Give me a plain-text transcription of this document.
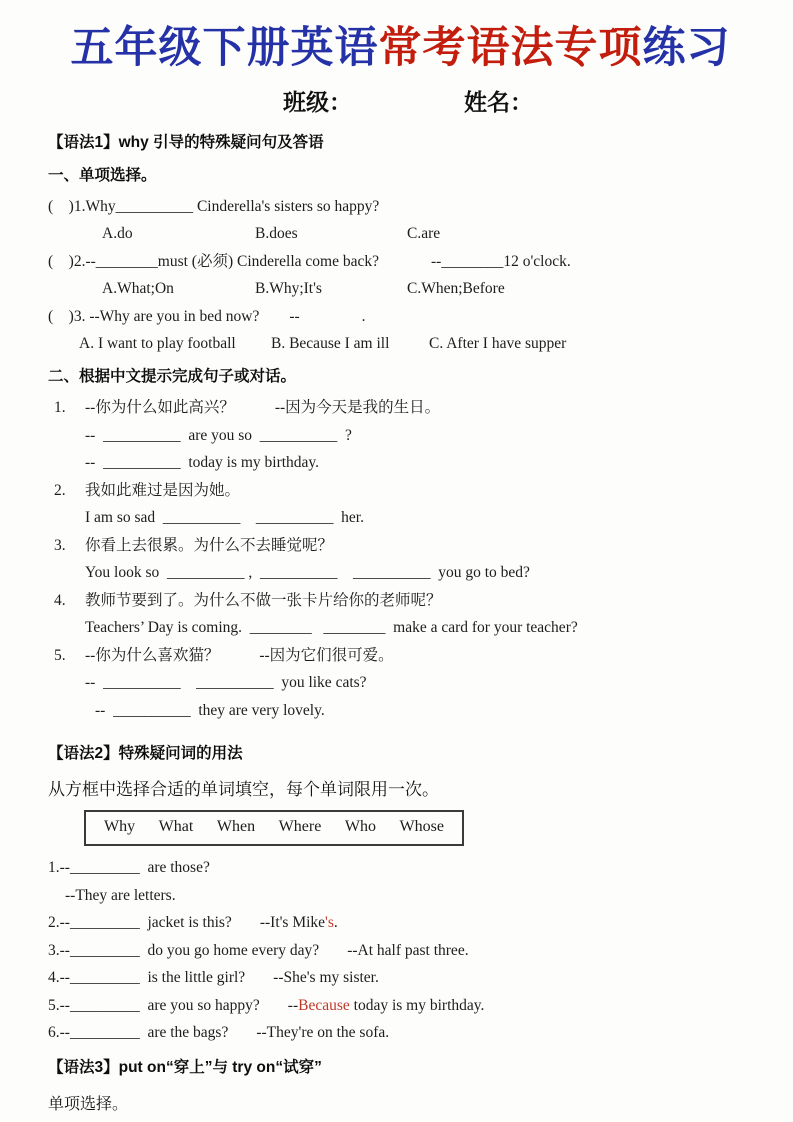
五年级下册英语常考语法专项练习
班级：	姓名：
【语法1】why 引导的特殊疑问句及答语
一、单项选择。
(    )1.Why__________ Cinderella's sisters so happy?
A.do	B.does	C.are
(    )2.--________must (必须) Cinderella come back?	--________12 o'clock.
A.What;On	B.Why;It's	C.When;Before
(    )3. --Why are you in bed now? --                .
A. I want to play football	B. Because I am ill	C. After I have supper
二、根据中文提示完成句子或对话。
1.	--你为什么如此高兴？	--因为今天是我的生日。
--  __________  are you so  __________  ?
--  __________  today is my birthday.
2.	我如此难过是因为她。
I am so sad  __________    __________  her.
3.	你看上去很累。为什么不去睡觉呢？
You look so  __________ ,  __________    __________  you go to bed?
4.	教师节要到了。为什么不做一张卡片给你的老师呢？
Teachers’ Day is coming.  ________   ________  make a card for your teacher?
5.	--你为什么喜欢猫？	--因为它们很可爱。
--  __________    __________  you like cats?
--  __________  they are very lovely.
【语法2】特殊疑问词的用法
从方框中选择合适的单词填空，每个单词限用一次。
Why What When Where Who Whose
1.--_________  are those?
--They are letters.
2.--_________  jacket is this? --It's Mike's.
3.--_________  do you go home every day? --At half past three.
4.--_________  is the little girl? --She's my sister.
5.--_________  are you so happy? --Because today is my birthday.
6.--_________  are the bags? --They're on the sofa.
【语法3】put on“穿上”与 try on“试穿”
单项选择。
